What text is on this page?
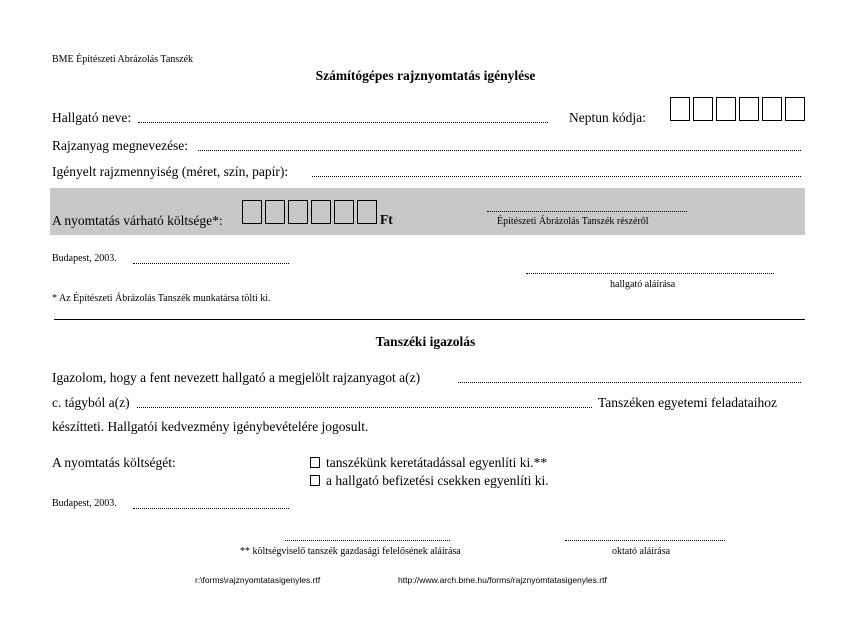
BME Építészeti Abrázolás Tanszék
Számítógépes rajznyomtatás igénylése
Hallgató neve:	Neptun kódja:
Rajzanyag megnevezése:
Igényelt rajzmennyiség (méret, szín, papír):
A nyomtatás várható költsége*:	Ft	Építészeti Ábrázolás Tanszék részéről
Budapest, 2003.
hallgató aláírása
* Az Építészeti Ábrázolás Tanszék munkatársa tölti ki.
Tanszéki igazolás
Igazolom, hogy a fent nevezett hallgató a megjelölt rajzanyagot a(z)
c. tágyból a(z)	Tanszéken egyetemi feladataihoz
készítteti. Hallgatói kedvezmény igénybevételére jogosult.
A nyomtatás költségét:	tanszékünk keretátadással egyenlíti ki.**
a hallgató befizetési csekken egyenlíti ki.
Budapest, 2003.
** költségviselő tanszék gazdasági felelősének aláírása	oktató aláírása
r:\forms\rajznyomtatasigenyles.rtf	http://www.arch.bme.hu/forms/rajznyomtatasigenyles.rtf
